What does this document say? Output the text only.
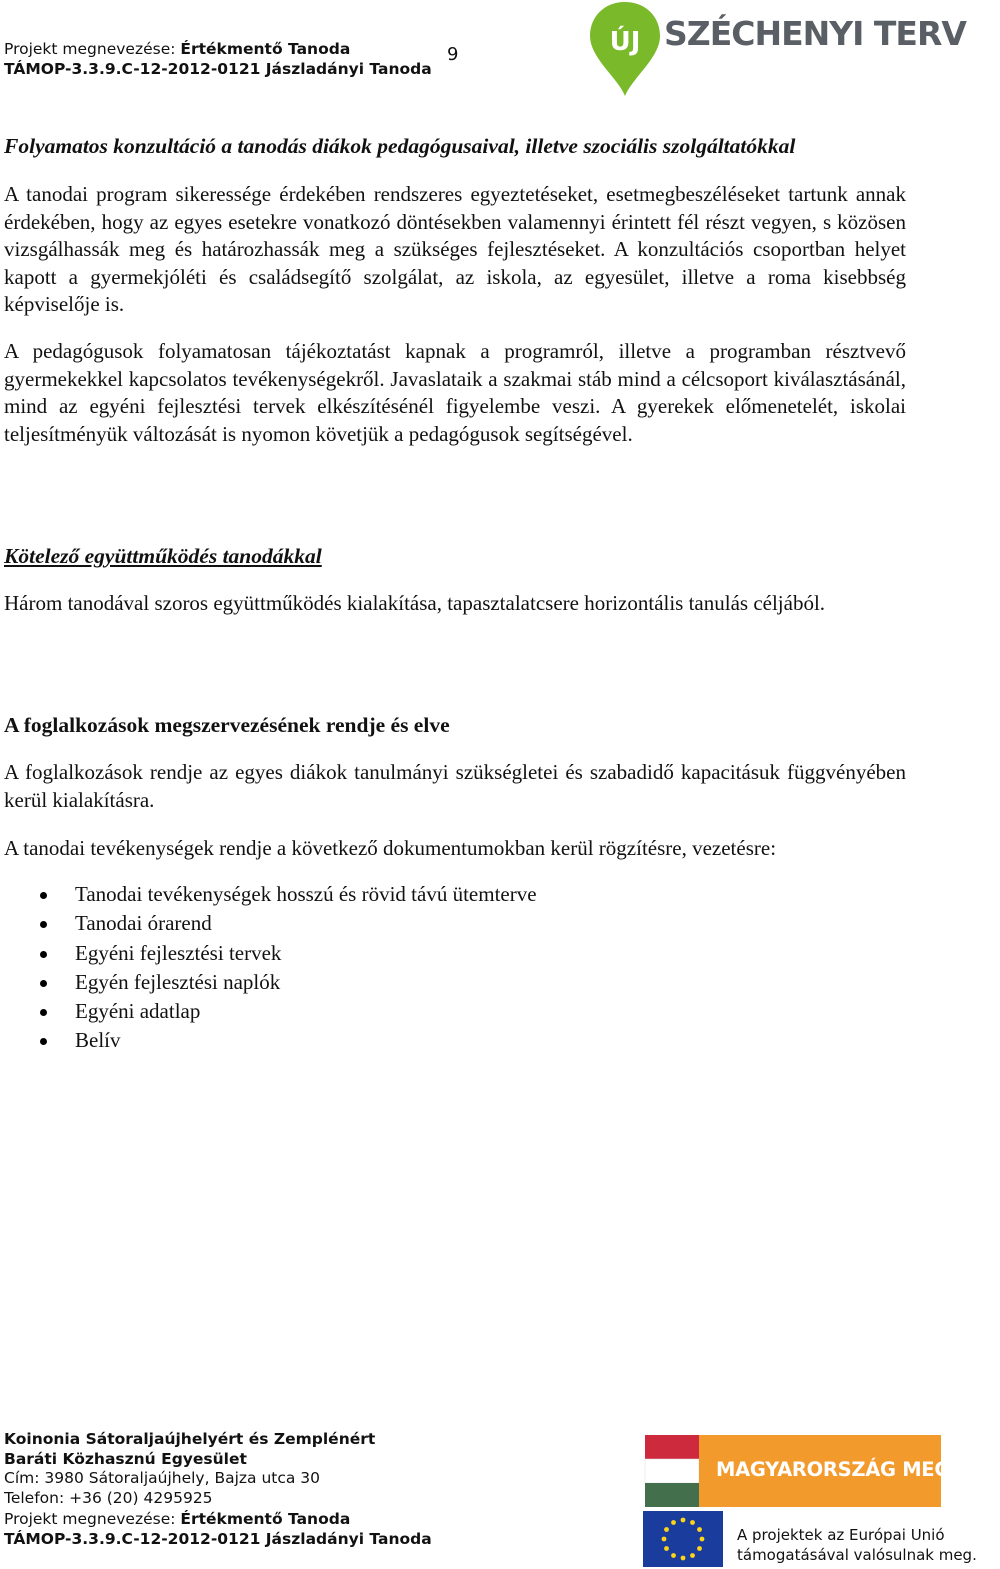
Projekt megnevezése: Értékmentő Tanoda
TÁMOP-3.3.9.C-12-2012-0121 Jászladányi Tanoda
9	ÚJ SZÉCHENYI TERV
Folyamatos konzultáció a tanodás diákok pedagógusaival, illetve szociális szolgáltatókkal
A tanodai program sikeressége érdekében rendszeres egyeztetéseket, esetmegbeszéléseket tartunk annak érdekében, hogy az egyes esetekre vonatkozó döntésekben valamennyi érintett fél részt vegyen, s közösen vizsgálhassák meg és határozhassák meg a szükséges fejlesztéseket. A konzultációs csoportban helyet kapott a gyermekjóléti és családsegítő szolgálat, az iskola, az egyesület, illetve a roma kisebbség képviselője is.
A pedagógusok folyamatosan tájékoztatást kapnak a programról, illetve a programban résztvevő gyermekekkel kapcsolatos tevékenységekről. Javaslataik a szakmai stáb mind a célcsoport kiválasztásánál, mind az egyéni fejlesztési tervek elkészítésénél figyelembe veszi. A gyerekek előmenetelét, iskolai teljesítményük változását is nyomon követjük a pedagógusok segítségével.
Kötelező együttműködés tanodákkal
Három tanodával szoros együttműködés kialakítása, tapasztalatcsere horizontális tanulás céljából.
A foglalkozások megszervezésének rendje és elve
A foglalkozások rendje az egyes diákok tanulmányi szükségletei és szabadidő kapacitásuk függvényében kerül kialakításra.
A tanodai tevékenységek rendje a következő dokumentumokban kerül rögzítésre, vezetésre:
Tanodai tevékenységek hosszú és rövid távú ütemterve
Tanodai órarend
Egyéni fejlesztési tervek
Egyén fejlesztési naplók
Egyéni adatlap
Belív
Koinonia Sátoraljaújhelyért és Zemplénért
Baráti Közhasznú Egyesület
Cím: 3980 Sátoraljaújhely, Bajza utca 30
Telefon: +36 (20) 4295925
Projekt megnevezése: Értékmentő Tanoda
TÁMOP-3.3.9.C-12-2012-0121 Jászladányi Tanoda
MAGYARORSZÁG MEGÚJUL
A projektek az Európai Unió
támogatásával valósulnak meg.
